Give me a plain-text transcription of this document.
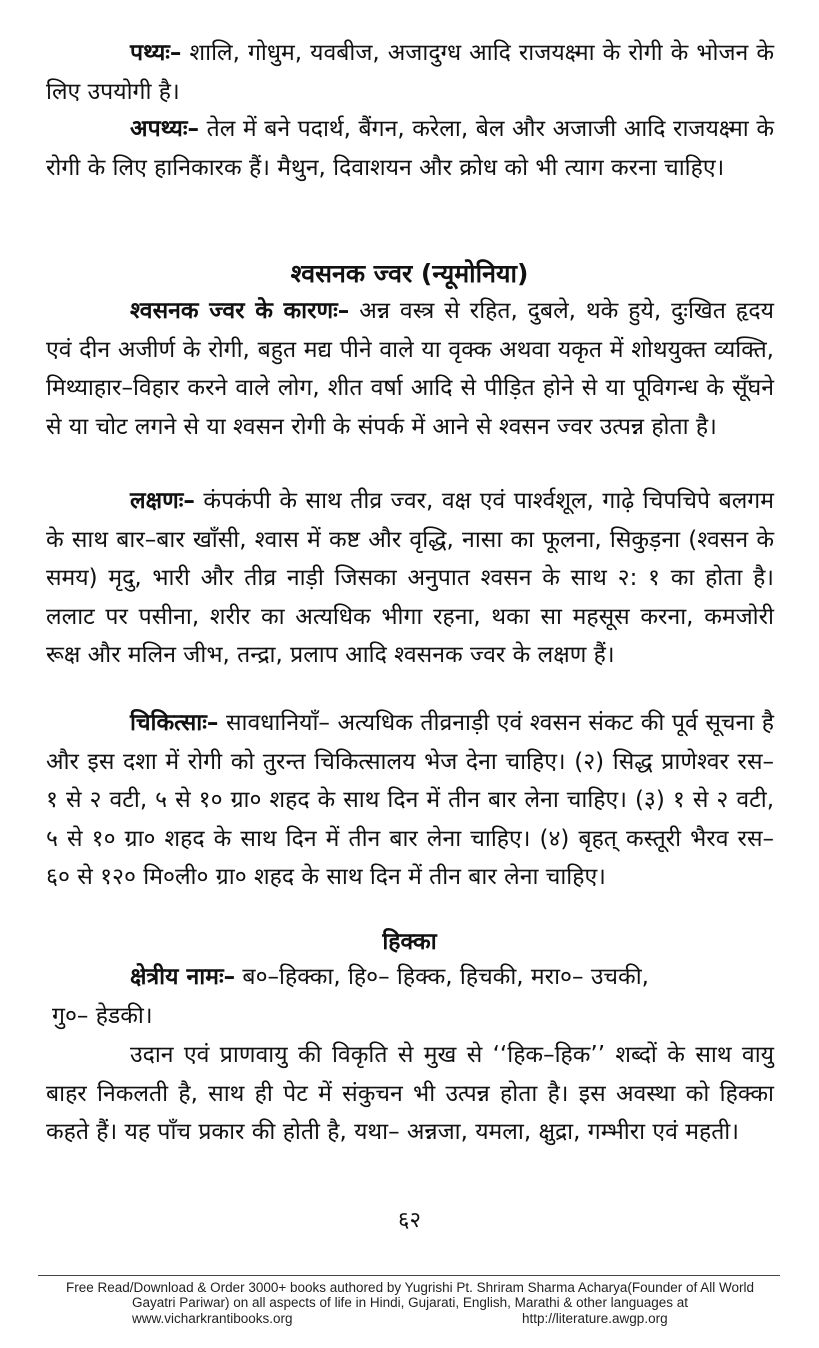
पथ्यः– शालि, गोधुम, यवबीज, अजादुग्ध आदि राजयक्ष्मा के रोगी के भोजन के लिए उपयोगी है।

अपथ्यः– तेल में बने पदार्थ, बैंगन, करेला, बेल और अजाजी आदि राजयक्ष्मा के रोगी के लिए हानिकारक हैं। मैथुन, दिवाशयन और क्रोध को भी त्याग करना चाहिए।

श्वसनक ज्वर (न्यूमोनिया)

श्वसनक ज्वर के कारणः– अन्न वस्त्र से रहित, दुबले, थके हुये, दुःखित हृदय एवं दीन अजीर्ण के रोगी, बहुत मद्य पीने वाले या वृक्क अथवा यकृत में शोथयुक्त व्यक्ति, मिथ्याहार–विहार करने वाले लोग, शीत वर्षा आदि से पीड़ित होने से या पूविगन्ध के सूँघने से या चोट लगने से या श्वसन रोगी के संपर्क में आने से श्वसन ज्वर उत्पन्न होता है।

लक्षणः– कंपकंपी के साथ तीव्र ज्वर, वक्ष एवं पार्श्वशूल, गाढ़े चिपचिपे बलगम के साथ बार–बार खाँसी, श्वास में कष्ट और वृद्धि, नासा का फूलना, सिकुड़ना (श्वसन के समय) मृदु, भारी और तीव्र नाड़ी जिसका अनुपात श्वसन के साथ २: १ का होता है। ललाट पर पसीना, शरीर का अत्यधिक भीगा रहना, थका सा महसूस करना, कमजोरी रूक्ष और मलिन जीभ, तन्द्रा, प्रलाप आदि श्वसनक ज्वर के लक्षण हैं।

चिकित्साः– सावधानियाँ– अत्यधिक तीव्रनाड़ी एवं श्वसन संकट की पूर्व सूचना है और इस दशा में रोगी को तुरन्त चिकित्सालय भेज देना चाहिए। (२) सिद्ध प्राणेश्वर रस– १ से २ वटी, ५ से १० ग्रा० शहद के साथ दिन में तीन बार लेना चाहिए। (३) १ से २ वटी, ५ से १० ग्रा० शहद के साथ दिन में तीन बार लेना चाहिए। (४) बृहत् कस्तूरी भैरव रस– ६० से १२० मि०ली० ग्रा० शहद के साथ दिन में तीन बार लेना चाहिए।

हिक्का

क्षेत्रीय नामः– ब०–हिक्का, हि०– हिक्क, हिचकी, मरा०– उचकी,

गु०– हेडकी।

उदान एवं प्राणवायु की विकृति से मुख से ‘‘हिक–हिक’’ शब्दों के साथ वायु बाहर निकलती है, साथ ही पेट में संकुचन भी उत्पन्न होता है। इस अवस्था को हिक्का कहते हैं। यह पाँच प्रकार की होती है, यथा– अन्नजा, यमला, क्षुद्रा, गम्भीरा एवं महती।

६२
Free Read/Download & Order 3000+ books authored by Yugrishi Pt. Shriram Sharma Acharya(Founder of All World Gayatri Pariwar) on all aspects of life in Hindi, Gujarati, English, Marathi & other languages at
www.vicharkrantibooks.org	http://literature.awgp.org
